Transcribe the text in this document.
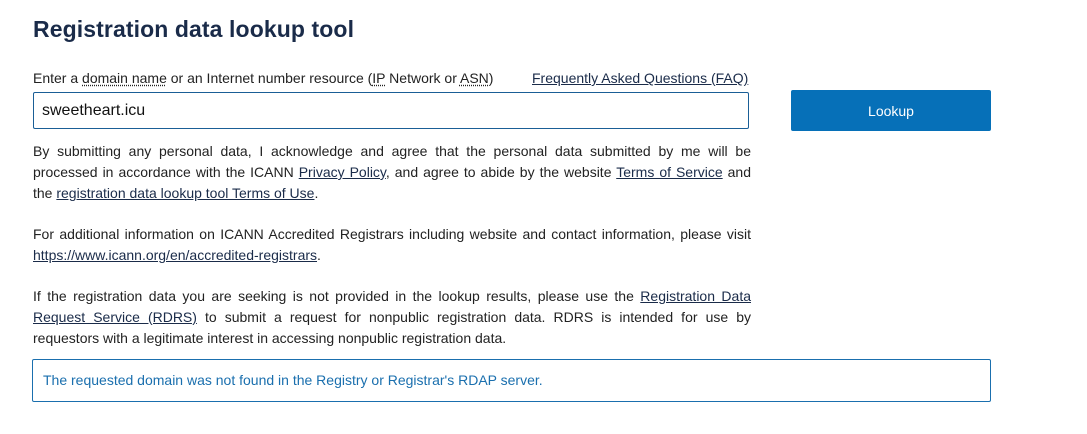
Registration data lookup tool
Enter a domain name or an Internet number resource (IP Network or ASN)	Frequently Asked Questions (FAQ)
sweetheart.icu
Lookup

By submitting any personal data, I acknowledge and agree that the personal data submitted by me will be processed in accordance with the ICANN Privacy Policy, and agree to abide by the website Terms of Service and the registration data lookup tool Terms of Use.

For additional information on ICANN Accredited Registrars including website and contact information, please visit https://www.icann.org/en/accredited-registrars.

If the registration data you are seeking is not provided in the lookup results, please use the Registration Data Request Service (RDRS) to submit a request for nonpublic registration data. RDRS is intended for use by requestors with a legitimate interest in accessing nonpublic registration data.

The requested domain was not found in the Registry or Registrar's RDAP server.
